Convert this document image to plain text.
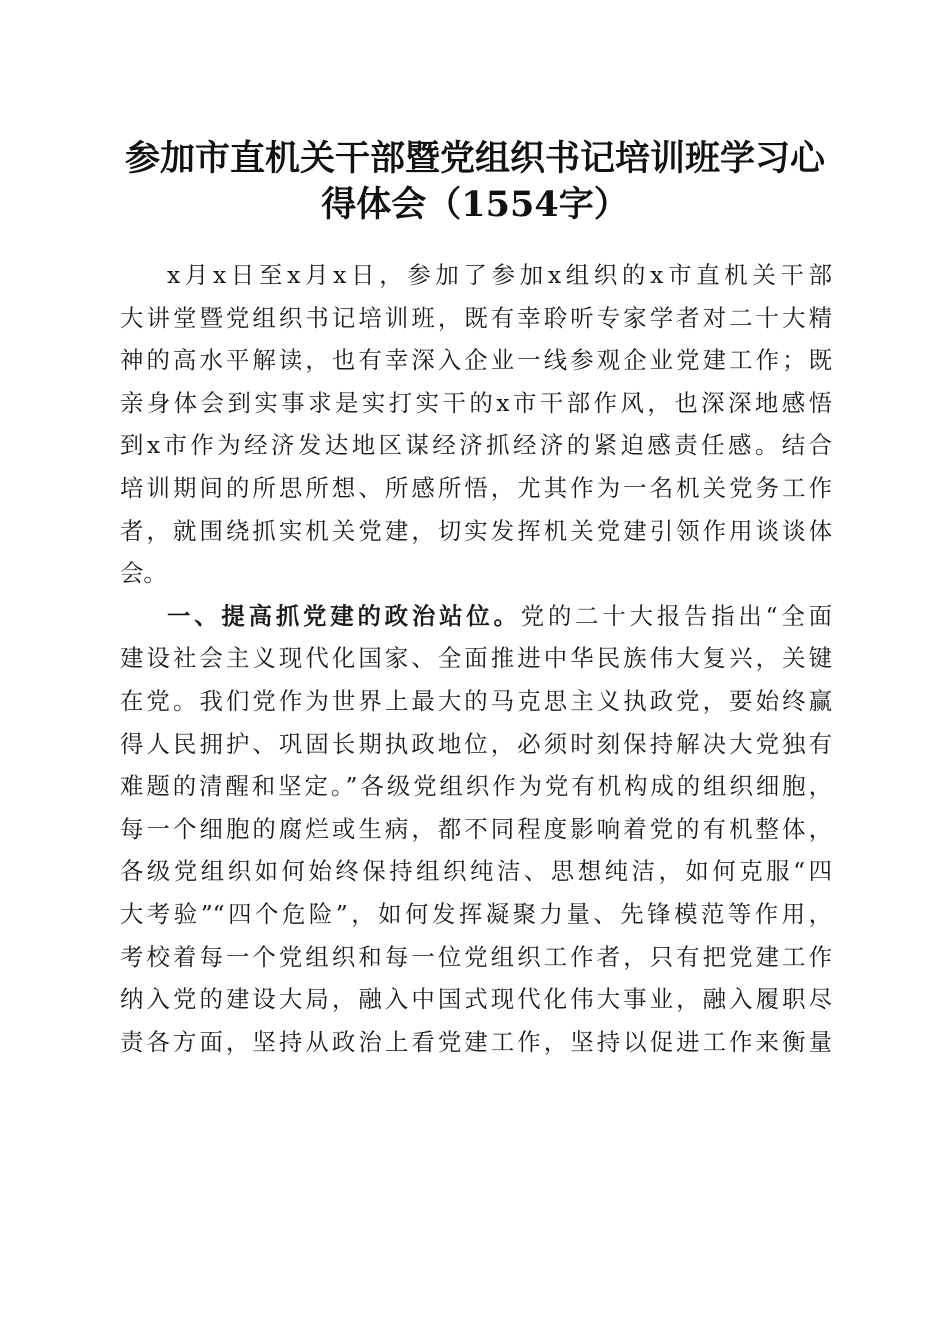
参加市直机关干部暨党组织书记培训班学习心
得体会（1554字）
x月x日至x月x日，参加了参加x组织的x市直机关干部
大讲堂暨党组织书记培训班，既有幸聆听专家学者对二十大精
神的高水平解读，也有幸深入企业一线参观企业党建工作；既
亲身体会到实事求是实打实干的x市干部作风，也深深地感悟
到x市作为经济发达地区谋经济抓经济的紧迫感责任感。结合
培训期间的所思所想、所感所悟，尤其作为一名机关党务工作
者，就围绕抓实机关党建，切实发挥机关党建引领作用谈谈体
会。
一、提高抓党建的政治站位。党的二十大报告指出“全面
建设社会主义现代化国家、全面推进中华民族伟大复兴，关键
在党。我们党作为世界上最大的马克思主义执政党，要始终赢
得人民拥护、巩固长期执政地位，必须时刻保持解决大党独有
难题的清醒和坚定。”各级党组织作为党有机构成的组织细胞，
每一个细胞的腐烂或生病，都不同程度影响着党的有机整体，
各级党组织如何始终保持组织纯洁、思想纯洁，如何克服“四
大考验”“四个危险”，如何发挥凝聚力量、先锋模范等作用，
考校着每一个党组织和每一位党组织工作者，只有把党建工作
纳入党的建设大局，融入中国式现代化伟大事业，融入履职尽
责各方面，坚持从政治上看党建工作，坚持以促进工作来衡量
